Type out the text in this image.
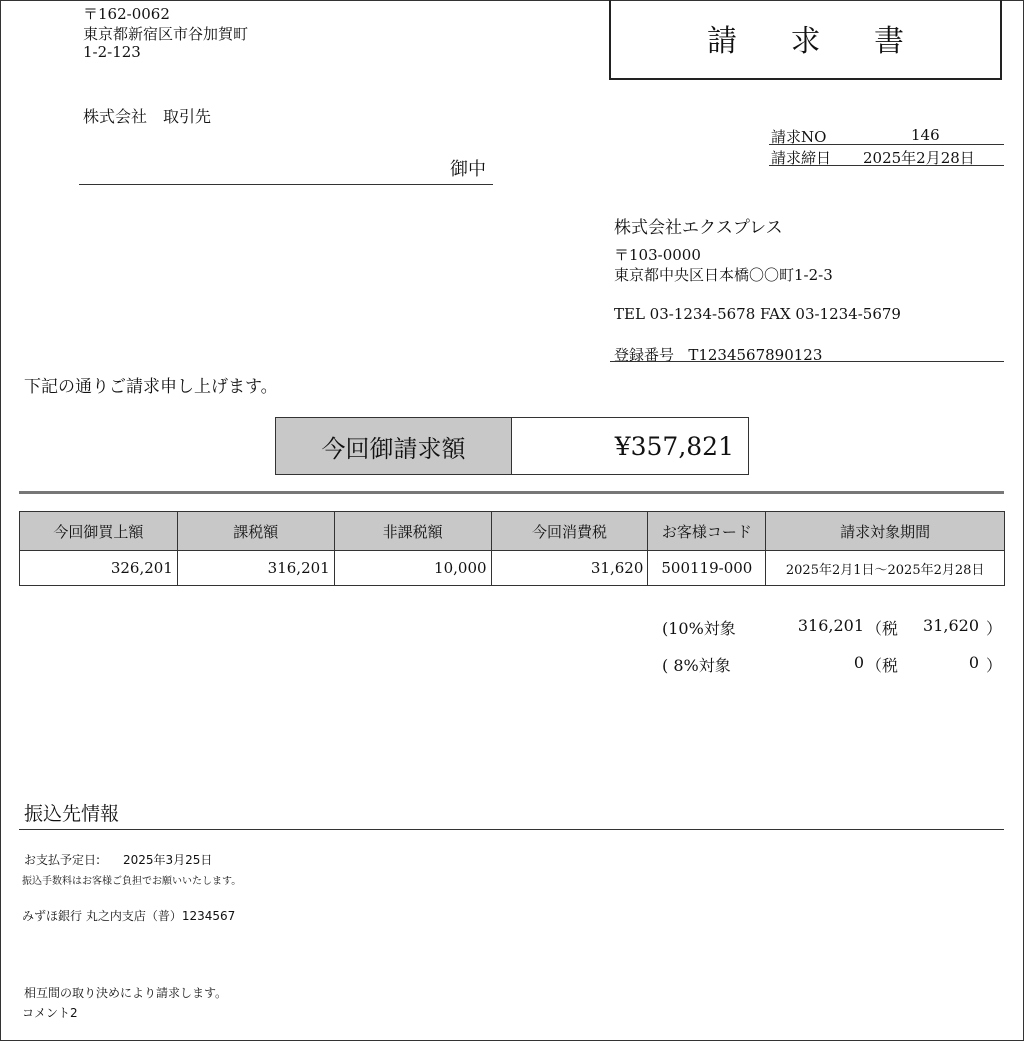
〒162-0062
東京都新宿区市谷加賀町
1-2-123
株式会社　取引先
御中
請 求 書
請求NO	146
請求締日 2025年2月28日
株式会社エクスプレス
〒103-0000
東京都中央区日本橋〇〇町1-2-3
TEL 03-1234-5678 FAX 03-1234-5679
登録番号 T1234567890123
下記の通りご請求申し上げます。
今回御請求額	¥357,821
今回御買上額	課税額	非課税額	今回消費税	お客様コード	請求対象期間
326,201	316,201	10,000	31,620	500119-000	2025年2月1日～2025年2月28日
(10%対象	316,201 （税 31,620 ）
( 8%対象	0 （税	0 ）
振込先情報
お支払予定日: 2025年3月25日
振込手数料はお客様ご負担でお願いいたします。
みずほ銀行 丸之内支店（普）1234567
相互間の取り決めにより請求します。
コメント2
